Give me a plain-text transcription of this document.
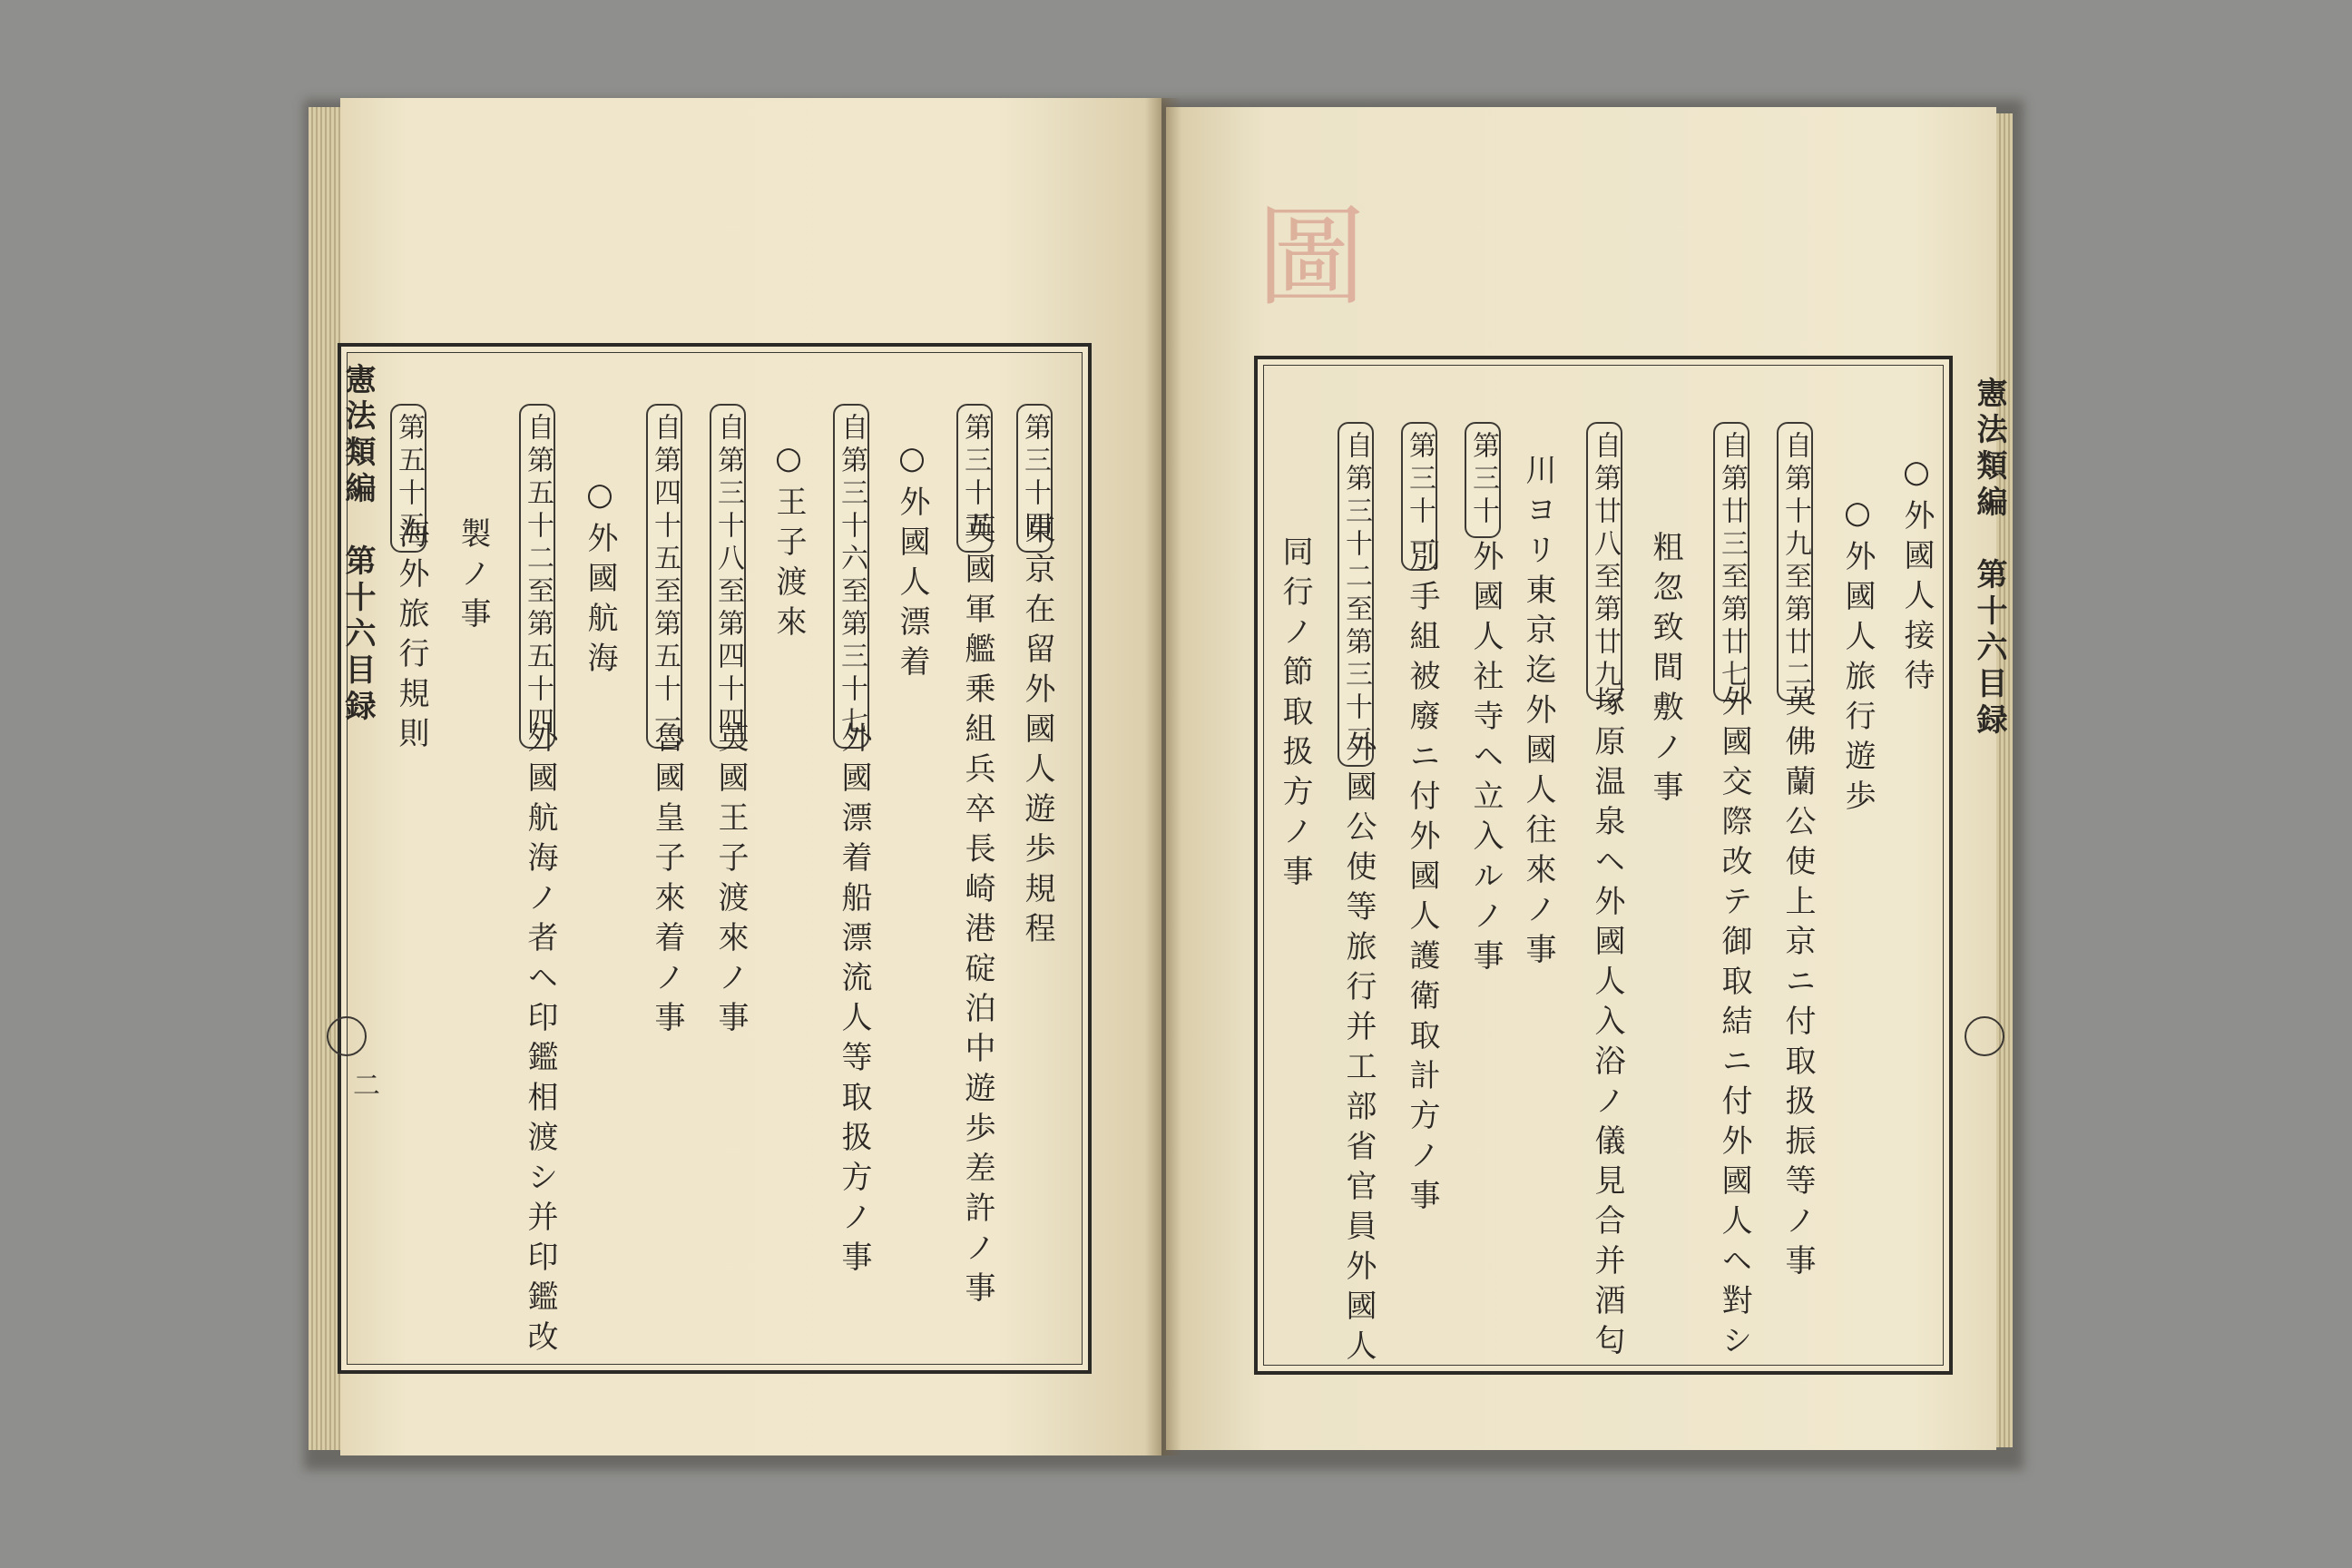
圖
憲法類編　第十六目録
二
憲法類編　第十六目録
第三十四
東京在留外國人遊歩規程
第三十五
英國軍艦乗組兵卒長崎港碇泊中遊歩差許ノ事
○外國人漂着
自第三十六至第三十七
外國漂着船漂流人等取扱方ノ事
○王子渡來
自第三十八至第四十四
英國王子渡來ノ事
自第四十五至第五十一
魯國皇子來着ノ事
○外國航海
自第五十二至第五十四
外國航海ノ者ヘ印鑑相渡シ并印鑑改
製ノ事
第五十五
海外旅行規則	○外國人接待
○外國人旅行遊歩
自第十九至第廿二
英佛蘭公使上京ニ付取扱振等ノ事
自第廿三至第廿七
外國交際改テ御取結ニ付外國人ヘ對シ
粗忽致間敷ノ事
自第廿八至第廿九
塚原温泉ヘ外國人入浴ノ儀見合并酒匂
川ヨリ東京迄外國人往來ノ事
第三十
外國人社寺ヘ立入ルノ事
第三十一
別手組被廢ニ付外國人護衛取計方ノ事
自第三十二至第三十三
外國公使等旅行并工部省官員外國人
同行ノ節取扱方ノ事
